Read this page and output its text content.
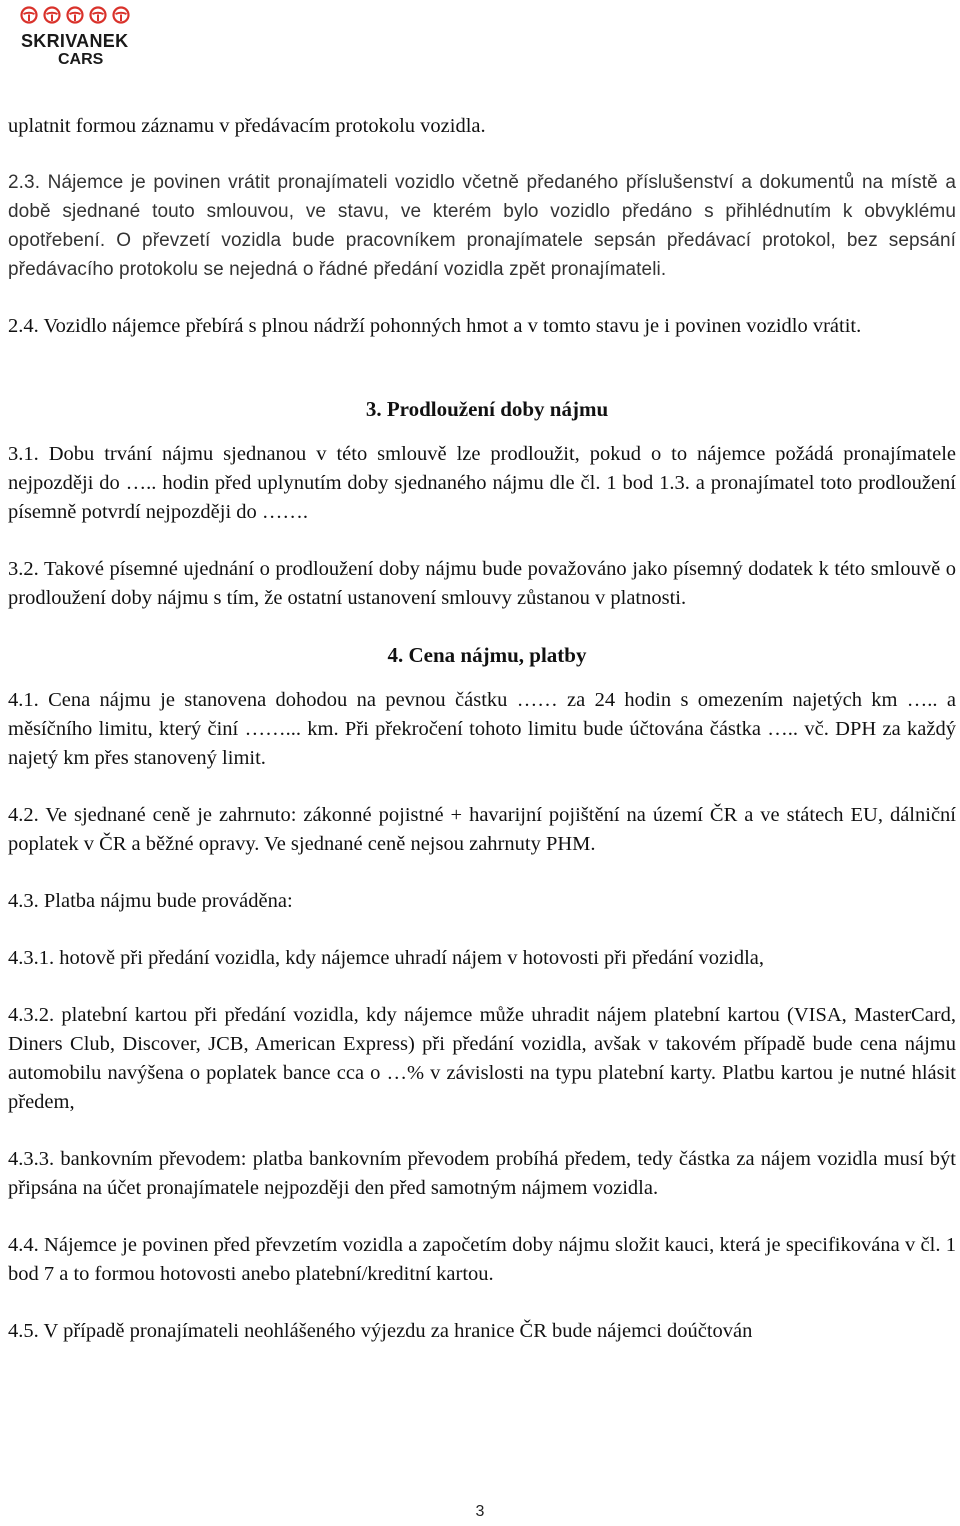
SKRIVANEK
CARS

uplatnit formou záznamu v předávacím protokolu vozidla.

2.3. Nájemce je povinen vrátit pronajímateli vozidlo včetně předaného příslušenství a dokumentů na místě a době sjednané touto smlouvou, ve stavu, ve kterém bylo vozidlo předáno s přihlédnutím k obvyklému opotřebení. O převzetí vozidla bude pracovníkem pronajímatele sepsán předávací protokol, bez sepsání předávacího protokolu se nejedná o řádné předání vozidla zpět pronajímateli.

2.4. Vozidlo nájemce přebírá s plnou nádrží pohonných hmot a v tomto stavu je i povinen vozidlo vrátit.

3. Prodloužení doby nájmu

3.1. Dobu trvání nájmu sjednanou v této smlouvě lze prodloužit, pokud o to nájemce požádá pronajímatele nejpozději do ….. hodin před uplynutím doby sjednaného nájmu dle čl. 1 bod 1.3. a pronajímatel toto prodloužení písemně potvrdí nejpozději do …….

3.2. Takové písemné ujednání o prodloužení doby nájmu bude považováno jako písemný dodatek k této smlouvě o prodloužení doby nájmu s tím, že ostatní ustanovení smlouvy zůstanou v platnosti.

4. Cena nájmu, platby

4.1. Cena nájmu je stanovena dohodou na pevnou částku …… za 24 hodin s omezením najetých km ….. a měsíčního limitu, který činí ……... km. Při překročení tohoto limitu bude účtována částka ….. vč. DPH za každý najetý km přes stanovený limit.

4.2. Ve sjednané ceně je zahrnuto: zákonné pojistné + havarijní pojištění na území ČR a ve státech EU, dálniční poplatek v ČR a běžné opravy. Ve sjednané ceně nejsou zahrnuty PHM.

4.3. Platba nájmu bude prováděna:

4.3.1. hotově při předání vozidla, kdy nájemce uhradí nájem v hotovosti při předání vozidla,

4.3.2. platební kartou při předání vozidla, kdy nájemce může uhradit nájem platební kartou (VISA, MasterCard, Diners Club, Discover, JCB, American Express) při předání vozidla, avšak v takovém případě bude cena nájmu automobilu navýšena o poplatek bance cca o …% v závislosti na typu platební karty. Platbu kartou je nutné hlásit předem,

4.3.3. bankovním převodem: platba bankovním převodem probíhá předem, tedy částka za nájem vozidla musí být připsána na účet pronajímatele nejpozději den před samotným nájmem vozidla.

4.4. Nájemce je povinen před převzetím vozidla a započetím doby nájmu složit kauci, která je specifikována v čl. 1 bod 7 a to formou hotovosti anebo platební/kreditní kartou.

4.5. V případě pronajímateli neohlášeného výjezdu za hranice ČR bude nájemci doúčtován

3
